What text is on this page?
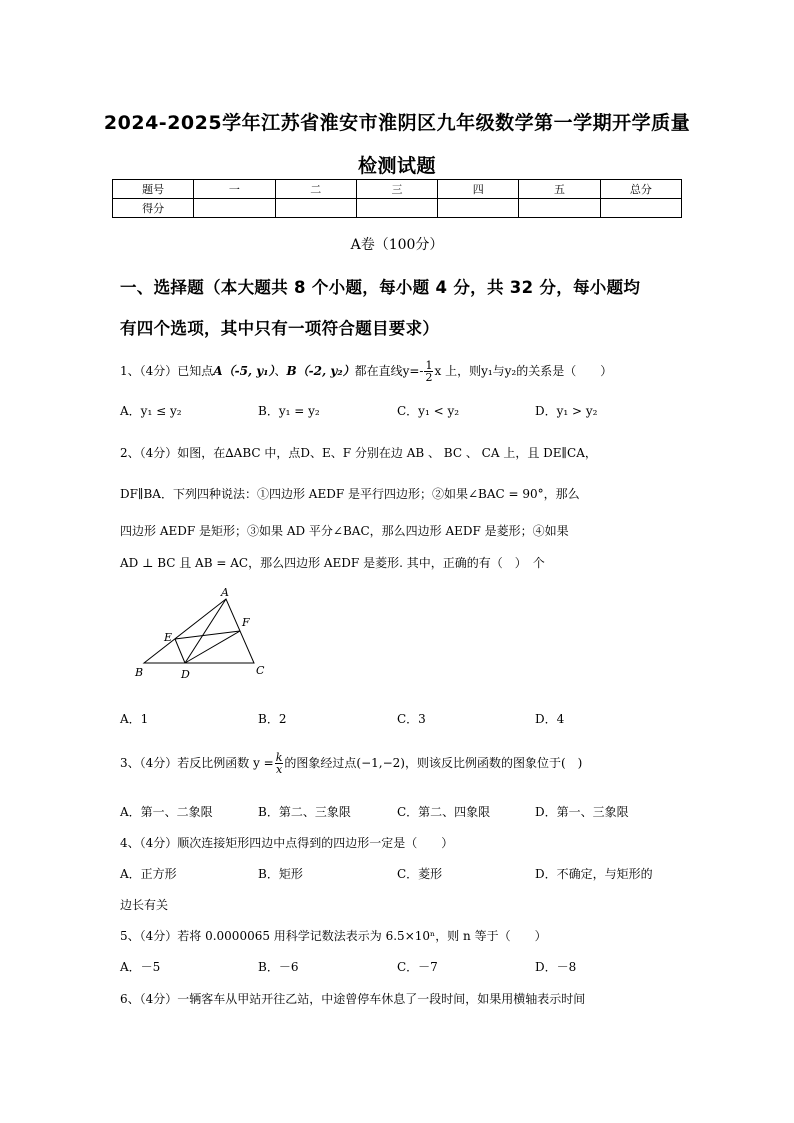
2024-2025学年江苏省淮安市淮阴区九年级数学第一学期开学质量
检测试题
题号	一	二	三	四	五	总分
得分						
A卷（100分）
一、选择题（本大题共 8 个小题，每小题 4 分，共 32 分，每小题均
有四个选项，其中只有一项符合题目要求）
1、（4分）已知点A（-5, y₁）、B（-2, y₂）都在直线$y=- \frac{1}{2}$ x 上，则y₁与y₂的关系是（　　）
A．y₁ ≤ y₂	B．y₁ = y₂	C．y₁ < y₂	D．y₁ > y₂
2、（4分）如图，在∆ABC 中，点D、E、F 分别在边 AB 、 BC 、 CA 上，且 DE∥CA，
DF∥BA．下列四种说法：①四边形 AEDF 是平行四边形；②如果∠BAC = 90°，那么
四边形 AEDF 是矩形；③如果 AD 平分∠BAC，那么四边形 AEDF 是菱形；④如果
AD ⊥ BC 且 AB = AC，那么四边形 AEDF 是菱形. 其中，正确的有（　）　个
A
B	C
D
E
F
A．1	B．2	C．3	D．4
3、（4分）若反比例函数 $y = \frac{k}{x}$ 的图象经过点(−1,−2)，则该反比例函数的图象位于(　)
A．第一、二象限	B．第二、三象限	C．第二、四象限	D．第一、三象限
4、（4分）顺次连接矩形四边中点得到的四边形一定是（　　）
A．正方形	B．矩形	C．菱形	D．不确定，与矩形的
边长有关
5、（4分）若将 0.0000065 用科学记数法表示为 6.5×10ⁿ，则 n 等于（　　）
A．－5	B．－6	C．－7	D．－8
6、（4分）一辆客车从甲站开往乙站，中途曾停车休息了一段时间，如果用横轴表示时间
